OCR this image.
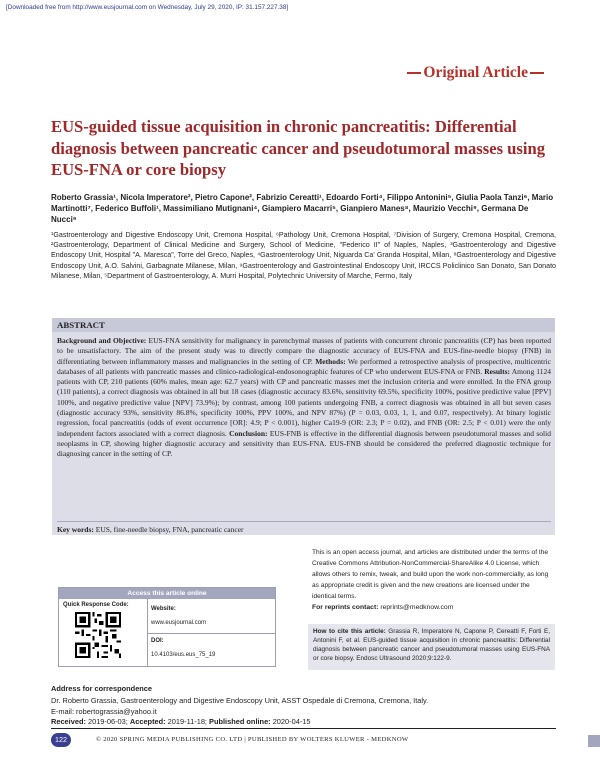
[Downloaded free from http://www.eusjournal.com on Wednesday, July 29, 2020, IP: 31.157.227.38]
Original Article
EUS-guided tissue acquisition in chronic pancreatitis: Differential diagnosis between pancreatic cancer and pseudotumoral masses using EUS-FNA or core biopsy
Roberto Grassia¹, Nicola Imperatore², Pietro Capone², Fabrizio Cereatti¹, Edoardo Forti⁴, Filippo Antonini⁵, Giulia Paola Tanzi⁶, Mario Martinotti⁷, Federico Buffoli¹, Massimiliano Mutignani⁴, Giampiero Macarri⁵, Gianpiero Manes⁸, Maurizio Vecchi⁹, Germana De Nucci⁹
¹Gastroenterology and Digestive Endoscopy Unit, Cremona Hospital, ⁶Pathology Unit, Cremona Hospital, ⁷Division of Surgery, Cremona Hospital, Cremona, ²Gastroenterology, Department of Clinical Medicine and Surgery, School of Medicine, "Federico II" of Naples, Naples, ³Gastroenterology and Digestive Endoscopy Unit, Hospital "A. Maresca", Torre del Greco, Naples, ⁴Gastroenterology Unit, Niguarda Ca' Granda Hospital, Milan, ⁸Gastroenterology and Digestive Endoscopy Unit, A.O. Salvini, Garbagnate Milanese, Milan, ⁹Gastroenterology and Gastrointestinal Endoscopy Unit, IRCCS Policlinico San Donato, San Donato Milanese, Milan, ⁵Department of Gastroenterology, A. Murri Hospital, Polytechnic University of Marche, Fermo, Italy
ABSTRACT
Background and Objective: EUS-FNA sensitivity for malignancy in parenchymal masses of patients with concurrent chronic pancreatitis (CP) has been reported to be unsatisfactory. The aim of the present study was to directly compare the diagnostic accuracy of EUS-FNA and EUS-fine-needle biopsy (FNB) in differentiating between inflammatory masses and malignancies in the setting of CP. Methods: We performed a retrospective analysis of prospective, multicentric databases of all patients with pancreatic masses and clinico-radiological-endosonographic features of CP who underwent EUS-FNA or FNB. Results: Among 1124 patients with CP, 210 patients (60% males, mean age: 62.7 years) with CP and pancreatic masses met the inclusion criteria and were enrolled. In the FNA group (110 patients), a correct diagnosis was obtained in all but 18 cases (diagnostic accuracy 83.6%, sensitivity 69.5%, specificity 100%, positive predictive value [PPV] 100%, and negative predictive value [NPV] 73.9%); by contrast, among 100 patients undergoing FNB, a correct diagnosis was obtained in all but seven cases (diagnostic accuracy 93%, sensitivity 86.8%, specificity 100%, PPV 100%, and NPV 87%) (P = 0.03, 0.03, 1, 1, and 0.07, respectively). At binary logistic regression, focal pancreatitis (odds of event occurrence [OR]: 4.9; P < 0.001), higher Ca19-9 (OR: 2.3; P = 0.02), and FNB (OR: 2.5; P < 0.01) were the only independent factors associated with a correct diagnosis. Conclusion: EUS-FNB is effective in the differential diagnosis between pseudotumoral masses and solid neoplasms in CP, showing higher diagnostic accuracy and sensitivity than EUS-FNA. EUS-FNB should be considered the preferred diagnostic technique for diagnosing cancer in the setting of CP.
Key words: EUS, fine-needle biopsy, FNA, pancreatic cancer
Access this article online
Quick Response Code:
Website:
www.eusjournal.com
DOI:
10.4103/eus.eus_75_19
This is an open access journal, and articles are distributed under the terms of the Creative Commons Attribution-NonCommercial-ShareAlike 4.0 License, which allows others to remix, tweak, and build upon the work non-commercially, as long as appropriate credit is given and the new creations are licensed under the identical terms.
For reprints contact: reprints@medknow.com
How to cite this article: Grassia R, Imperatore N, Capone P, Cereatti F, Forti E, Antonini F, et al. EUS-guided tissue acquisition in chronic pancreatitis: Differential diagnosis between pancreatic cancer and pseudotumoral masses using EUS-FNA or core biopsy. Endosc Ultrasound 2020;9:122-9.
Address for correspondence
Dr. Roberto Grassia, Gastroenterology and Digestive Endoscopy Unit, ASST Ospedale di Cremona, Cremona, Italy.
E-mail: robertograssia@yahoo.it
Received: 2019-06-03; Accepted: 2019-11-18; Published online: 2020-04-15
122	© 2020 SPRING MEDIA PUBLISHING CO. LTD | PUBLISHED BY WOLTERS KLUWER - MEDKNOW
